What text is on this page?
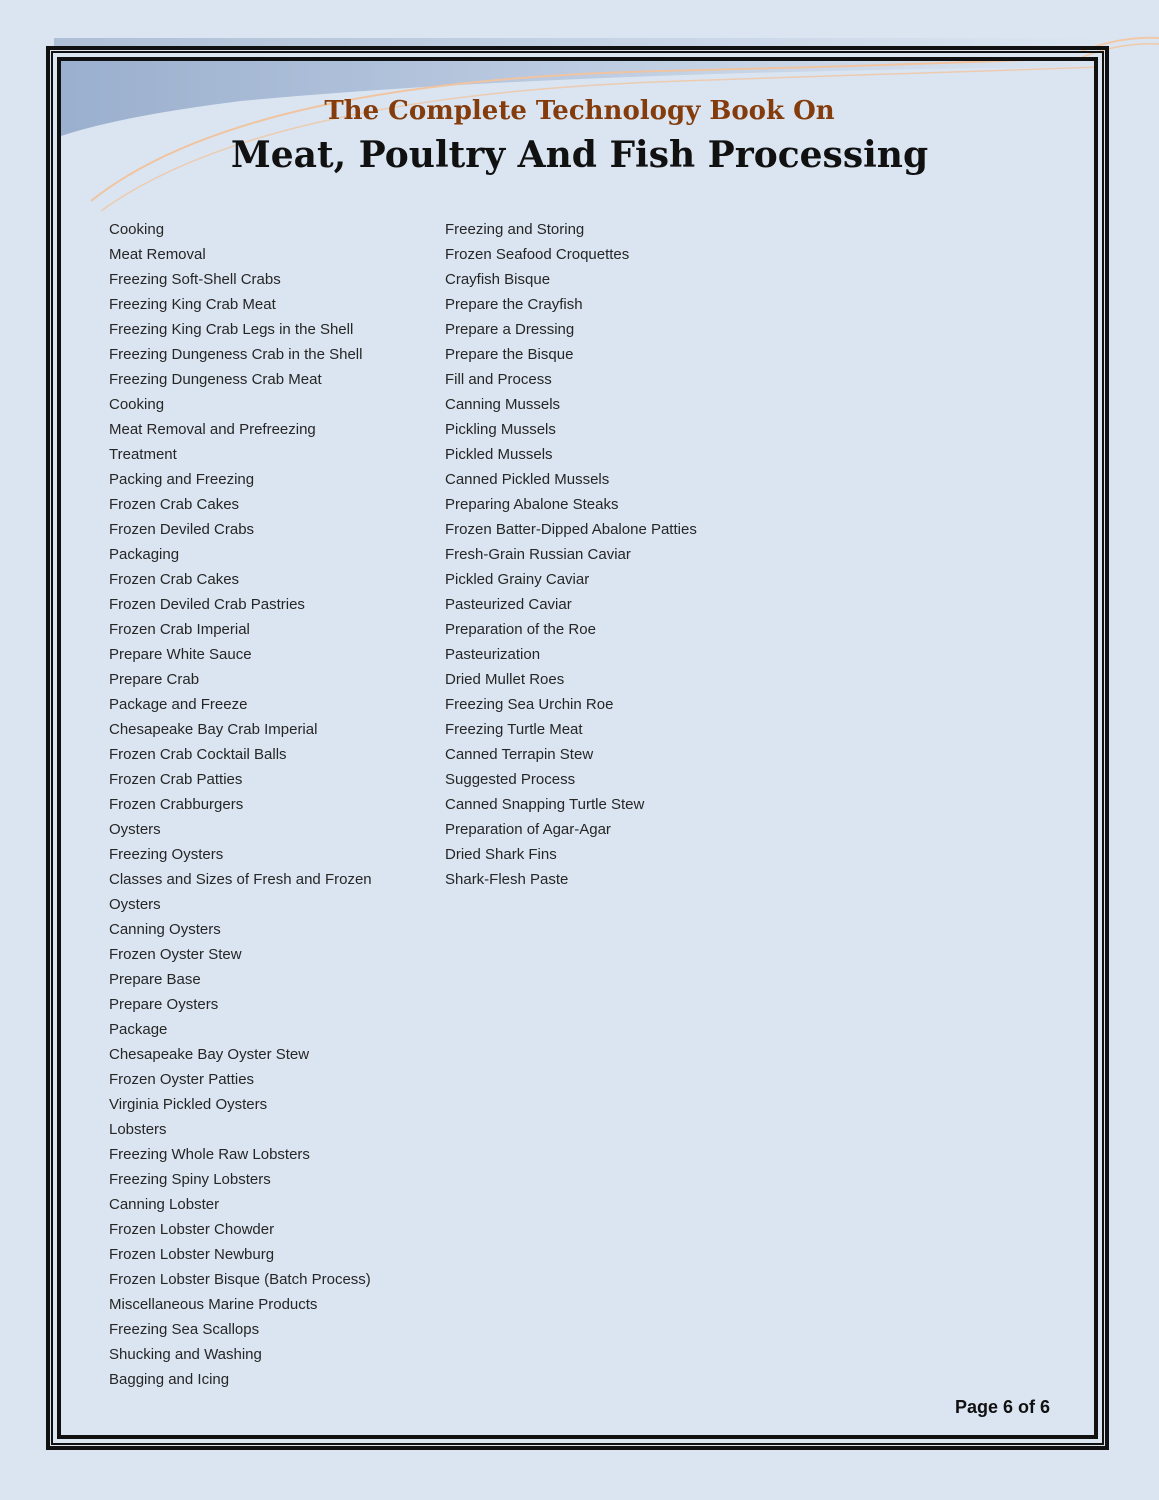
The Complete Technology Book On
Meat, Poultry And Fish Processing
Cooking
Meat Removal
Freezing Soft-Shell Crabs
Freezing King Crab Meat
Freezing King Crab Legs in the Shell
Freezing Dungeness Crab in the Shell
Freezing Dungeness Crab Meat
Cooking
Meat Removal and Prefreezing
Treatment
Packing and Freezing
Frozen Crab Cakes
Frozen Deviled Crabs
Packaging
Frozen Crab Cakes
Frozen Deviled Crab Pastries
Frozen Crab Imperial
Prepare White Sauce
Prepare Crab
Package and Freeze
Chesapeake Bay Crab Imperial
Frozen Crab Cocktail Balls
Frozen Crab Patties
Frozen Crabburgers
Oysters
Freezing Oysters
Classes and Sizes of Fresh and Frozen
Oysters
Canning Oysters
Frozen Oyster Stew
Prepare Base
Prepare Oysters
Package
Chesapeake Bay Oyster Stew
Frozen Oyster Patties
Virginia Pickled Oysters
Lobsters
Freezing Whole Raw Lobsters
Freezing Spiny Lobsters
Canning Lobster
Frozen Lobster Chowder
Frozen Lobster Newburg
Frozen Lobster Bisque (Batch Process)
Miscellaneous Marine Products
Freezing Sea Scallops
Shucking and Washing
Bagging and Icing
Freezing and Storing
Frozen Seafood Croquettes
Crayfish Bisque
Prepare the Crayfish
Prepare a Dressing
Prepare the Bisque
Fill and Process
Canning Mussels
Pickling Mussels
Pickled Mussels
Canned Pickled Mussels
Preparing Abalone Steaks
Frozen Batter-Dipped Abalone Patties
Fresh-Grain Russian Caviar
Pickled Grainy Caviar
Pasteurized Caviar
Preparation of the Roe
Pasteurization
Dried Mullet Roes
Freezing Sea Urchin Roe
Freezing Turtle Meat
Canned Terrapin Stew
Suggested Process
Canned Snapping Turtle Stew
Preparation of Agar-Agar
Dried Shark Fins
Shark-Flesh Paste
Page 6 of 6
